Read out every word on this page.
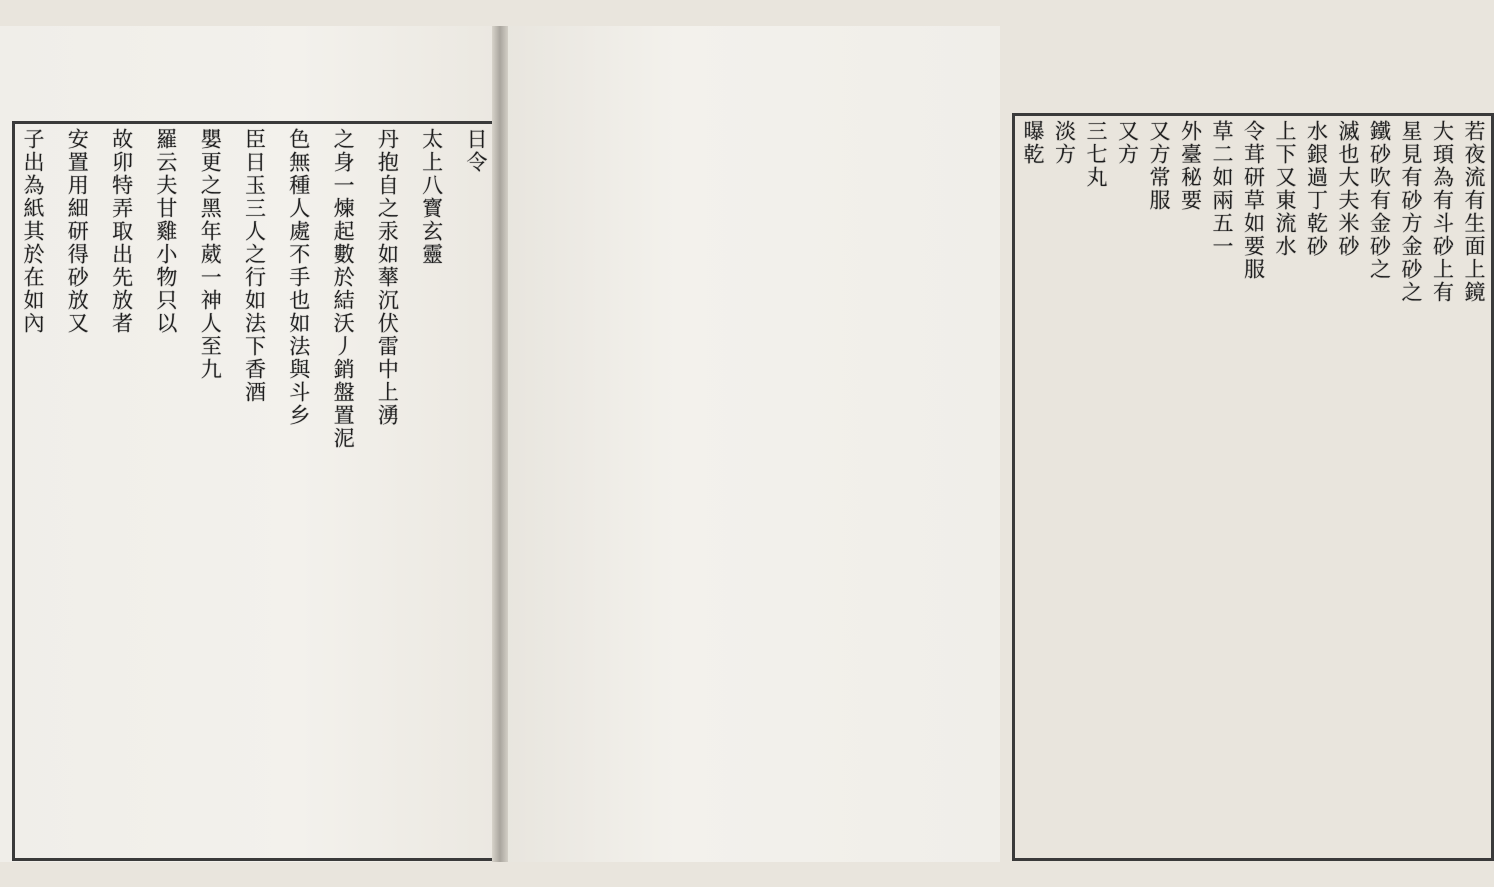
日令
太上八寳玄靈
丹抱自之汞如蕐沉伏雷中上湧
之身一煉起數於結沃丿銷盤置泥
色無種人處不手也如法與斗乡
臣日玉三人之行如法下香酒
嬰更之黑年葳一神人至九
羅云夫甘雞小物只以
故卯特弄取出先放者
安置用細研得砂放又
子出為紙其於在如內	若夜流有生面上鏡
大頊為有斗砂上有
星見有砂方金砂之
鐵砂吹有金砂之
滅也大夫米砂
水銀過丁乾砂
上下又東流水
令茸研草如要服
草二如兩五一
外臺秘要
又方常服
又方
三七丸
淡方
曝乾
